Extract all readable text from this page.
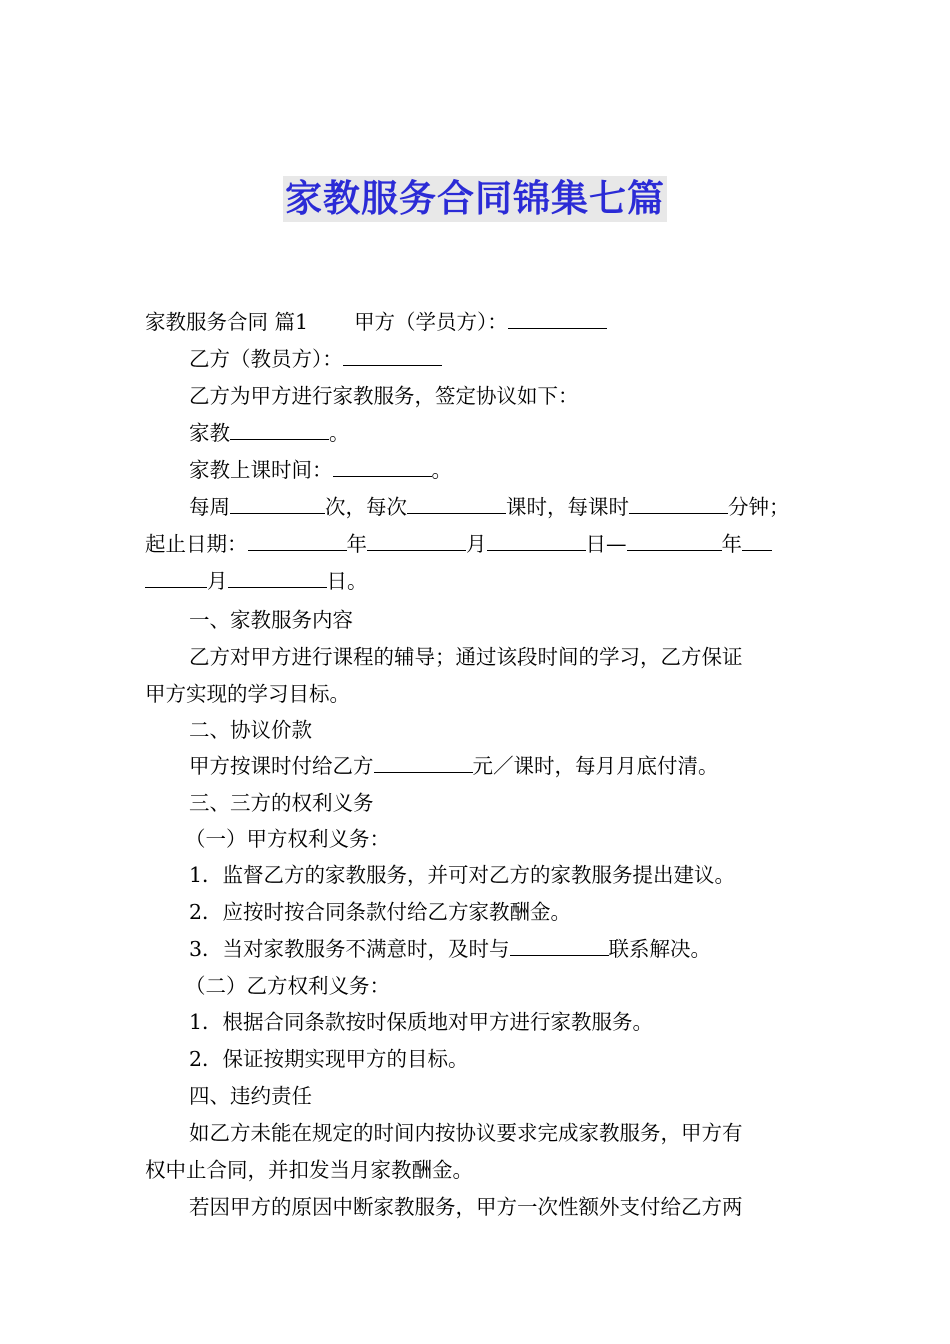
家教服务合同锦集七篇
家教服务合同 篇1 甲方（学员方）：
乙方（教员方）：
乙方为甲方进行家教服务，签定协议如下：
家教	。
家教上课时间：	。
每周	次，每次	课时，每课时	分钟；
起止日期：	年	月	日—	年
月	日。
一、家教服务内容
乙方对甲方进行课程的辅导；通过该段时间的学习，乙方保证
甲方实现的学习目标。
二、协议价款
甲方按课时付给乙方	元／课时，每月月底付清。
三、三方的权利义务
（一）甲方权利义务：
1．监督乙方的家教服务，并可对乙方的家教服务提出建议。
2．应按时按合同条款付给乙方家教酬金。
3．当对家教服务不满意时，及时与	联系解决。
（二）乙方权利义务：
1．根据合同条款按时保质地对甲方进行家教服务。
2．保证按期实现甲方的目标。
四、违约责任
如乙方未能在规定的时间内按协议要求完成家教服务，甲方有
权中止合同，并扣发当月家教酬金。
若因甲方的原因中断家教服务，甲方一次性额外支付给乙方两
